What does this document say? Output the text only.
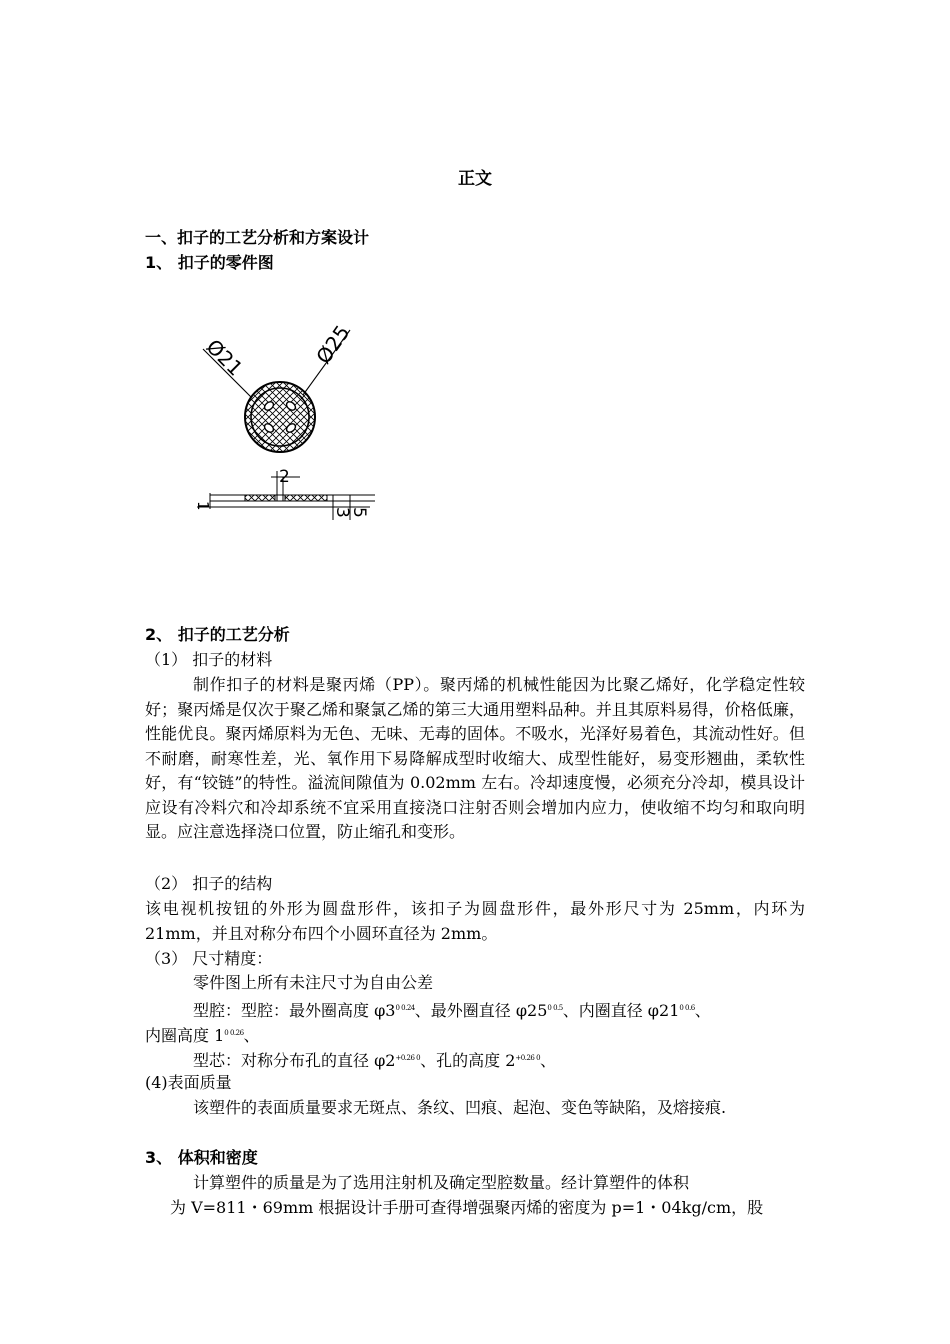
正文
一、扣子的工艺分析和方案设计
1、 扣子的零件图
Ø21	Ø25
2
1
3
5
2、 扣子的工艺分析
（1） 扣子的材料
制作扣子的材料是聚丙烯（PP）。聚丙烯的机械性能因为比聚乙烯好，化学稳定性较好；聚丙烯是仅次于聚乙烯和聚氯乙烯的第三大通用塑料品种。并且其原料易得，价格低廉，性能优良。聚丙烯原料为无色、无味、无毒的固体。不吸水，光泽好易着色，其流动性好。但不耐磨，耐寒性差，光、氧作用下易降解成型时收缩大、成型性能好，易变形翘曲，柔软性好，有“铰链”的特性。溢流间隙值为 0.02mm 左右。冷却速度慢，必须充分冷却，模具设计应设有冷料穴和冷却系统不宜采用直接浇口注射否则会增加内应力，使收缩不均匀和取向明显。应注意选择浇口位置，防止缩孔和变形。
（2） 扣子的结构
该电视机按钮的外形为圆盘形件，该扣子为圆盘形件，最外形尺寸为 25mm，内环为 21mm，并且对称分布四个小圆环直径为 2mm。
（3） 尺寸精度：
零件图上所有未注尺寸为自由公差
型腔：型腔：最外圈高度 $\varphi 3^{0 0.24}$、最外圈直径 $\varphi 25^{0 0.5}$、内圈直径 $\varphi 21^{0 0.6}$、
内圈高度 $1^{0 0.26}$、
型芯：对称分布孔的直径 $\varphi 2^{+0.26 0}$、孔的高度 $2^{+0.26 0}$、
(4)表面质量
该塑件的表面质量要求无斑点、条纹、凹痕、起泡、变色等缺陷，及熔接痕.
3、 体积和密度
计算塑件的质量是为了选用注射机及确定型腔数量。经计算塑件的体积
为 V=811・69mm 根据设计手册可查得增强聚丙烯的密度为 p=1・04kg/cm，股
